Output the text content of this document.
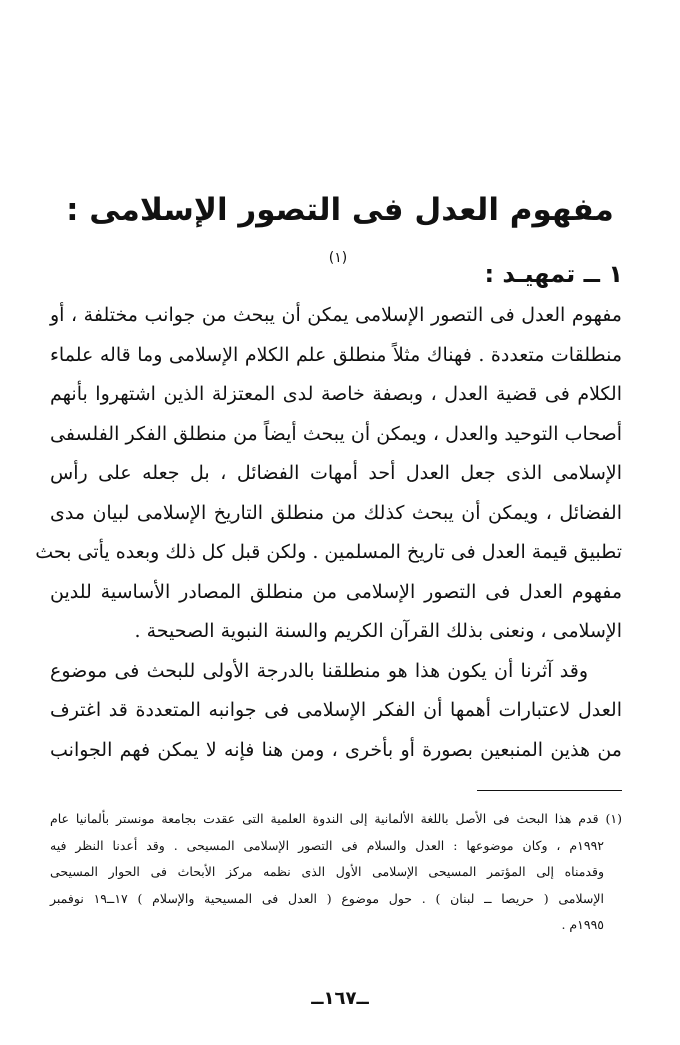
مفهوم العدل فى التصور الإسلامى : $^{(١)}$
١ ــ تمهيـد :
مفهوم العدل فى التصور الإسلامى يمكن أن يبحث من جوانب مختلفة ، أو
منطلقات متعددة . فهناك مثلاً منطلق علم الكلام الإسلامى وما قاله علماء
الكلام فى قضية العدل ، وبصفة خاصة لدى المعتزلة الذين اشتهروا بأنهم
أصحاب التوحيد والعدل ، ويمكن أن يبحث أيضاً من منطلق الفكر الفلسفى
الإسلامى الذى جعل العدل أحد أمهات الفضائل ، بل جعله على رأس
الفضائل ، ويمكن أن يبحث كذلك من منطلق التاريخ الإسلامى لبيان مدى
تطبيق قيمة العدل فى تاريخ المسلمين . ولكن قبل كل ذلك وبعده يأتى بحث
مفهوم العدل فى التصور الإسلامى من منطلق المصادر الأساسية للدين
الإسلامى ، ونعنى بذلك القرآن الكريم والسنة النبوية الصحيحة .
وقد آثرنا أن يكون هذا هو منطلقنا بالدرجة الأولى للبحث فى موضوع
العدل لاعتبارات أهمها أن الفكر الإسلامى فى جوانبه المتعددة قد اغترف
من هذين المنبعين بصورة أو بأخرى ، ومن هنا فإنه لا يمكن فهم الجوانب
(١) قدم هذا البحث فى الأصل باللغة الألمانية إلى الندوة العلمية التى عقدت بجامعة مونستر بألمانيا عام
١٩٩٢م ، وكان موضوعها : العدل والسلام فى التصور الإسلامى المسيحى . وقد أعدنا النظر فيه
وقدمناه إلى المؤتمر المسيحى الإسلامى الأول الذى نظمه مركز الأبحاث فى الحوار المسيحى
الإسلامى ( حريصا ــ لبنان ) . حول موضوع ( العدل فى المسيحية والإسلام ) ١٧ــ١٩ نوفمبر
١٩٩٥م .
ــ١٦٧ــ
